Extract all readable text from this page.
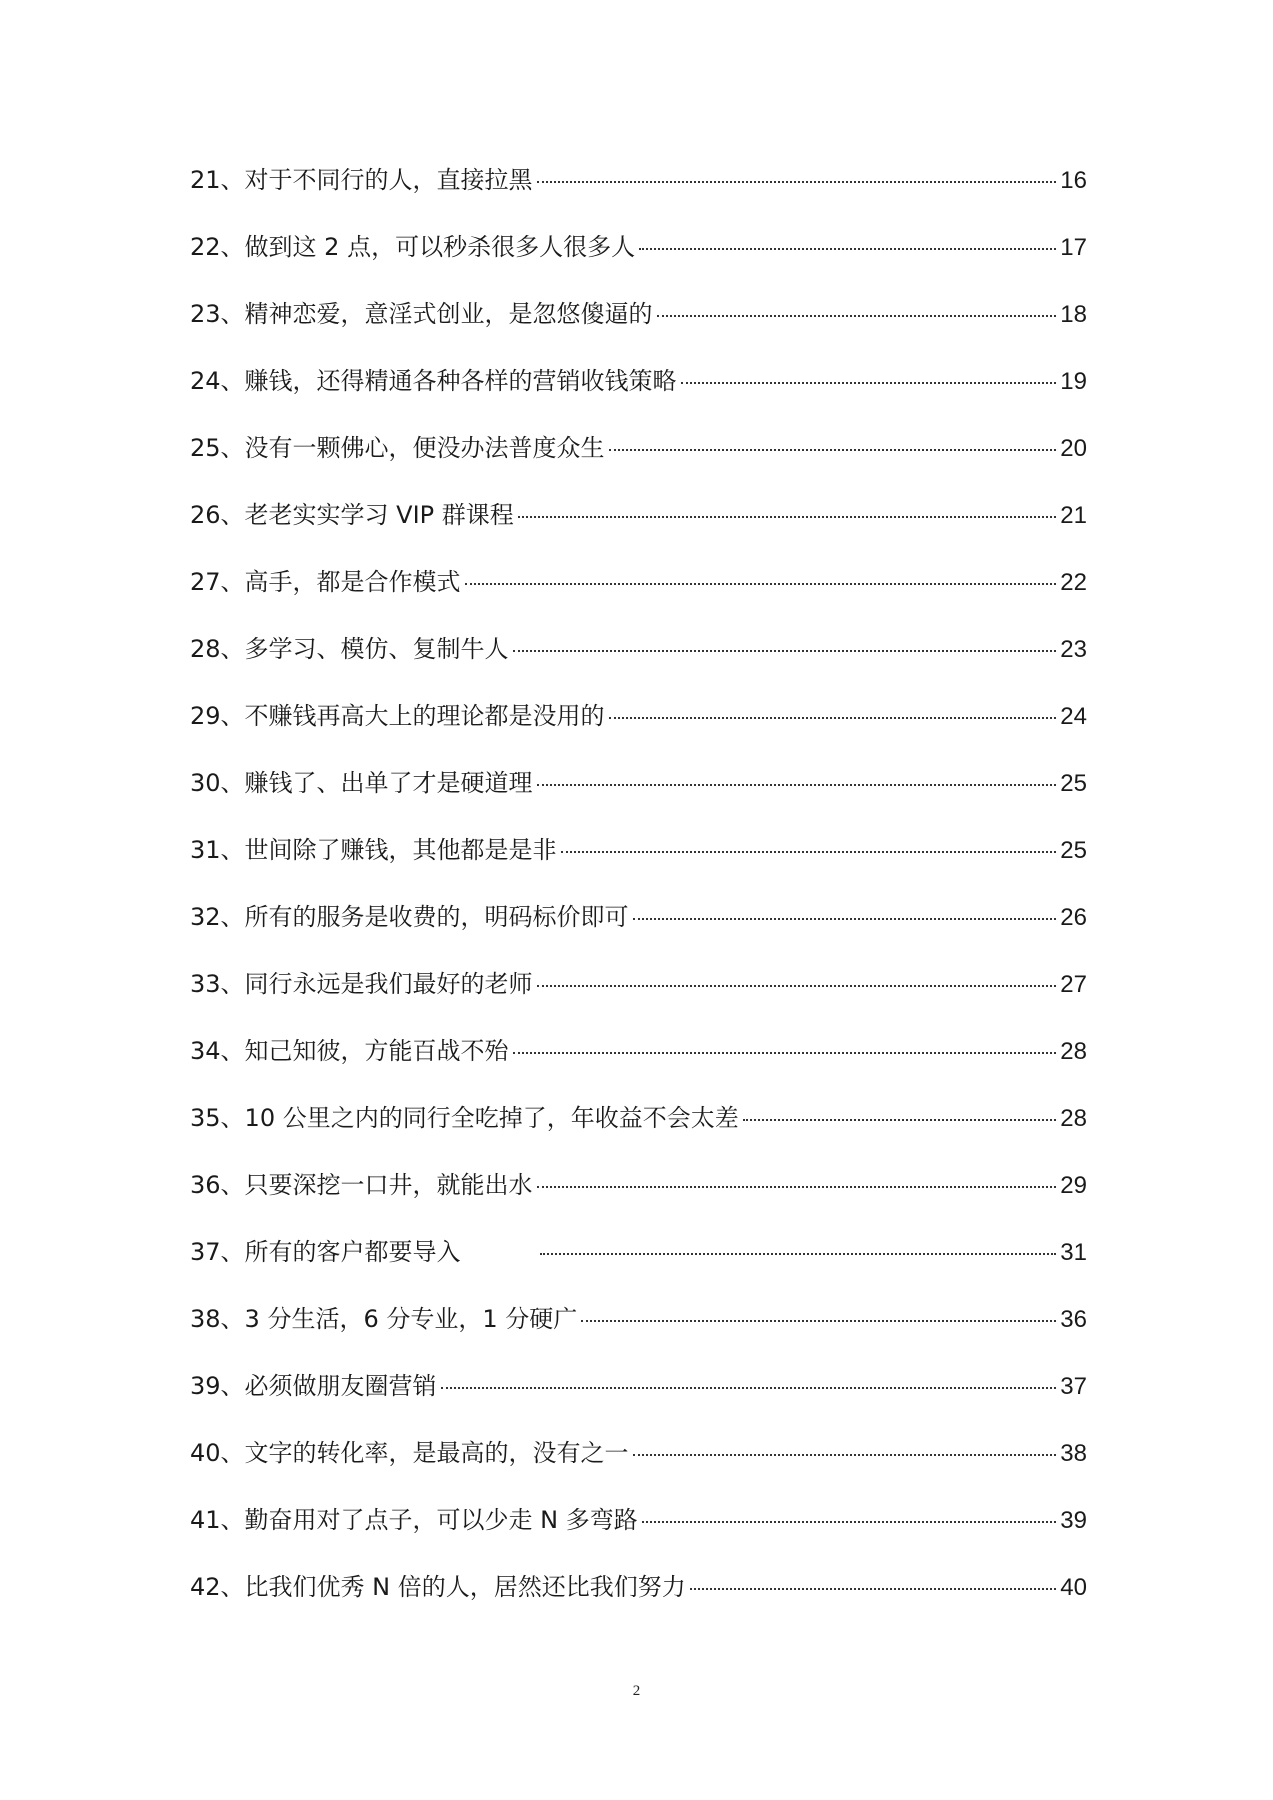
21、 对于不同行的人，直接拉黑	16
22、 做到这 2 点，可以秒杀很多人很多人	17
23、 精神恋爱，意淫式创业，是忽悠傻逼的	18
24、 赚钱，还得精通各种各样的营销收钱策略	19
25、 没有一颗佛心，便没办法普度众生	20
26、 老老实实学习 VIP 群课程	21
27、 高手，都是合作模式	22
28、 多学习、模仿、复制牛人	23
29、 不赚钱再高大上的理论都是没用的	24
30、 赚钱了、出单了才是硬道理	25
31、 世间除了赚钱，其他都是是非	25
32、 所有的服务是收费的，明码标价即可	26
33、 同行永远是我们最好的老师	27
34、 知己知彼，方能百战不殆	28
35、 10 公里之内的同行全吃掉了，年收益不会太差	28
36、 只要深挖一口井，就能出水	29
37、 所有的客户都要导入	31
38、 3 分生活，6 分专业，1 分硬广	36
39、 必须做朋友圈营销	37
40、 文字的转化率，是最高的，没有之一	38
41、 勤奋用对了点子，可以少走 N 多弯路	39
42、 比我们优秀 N 倍的人，居然还比我们努力	40
2
